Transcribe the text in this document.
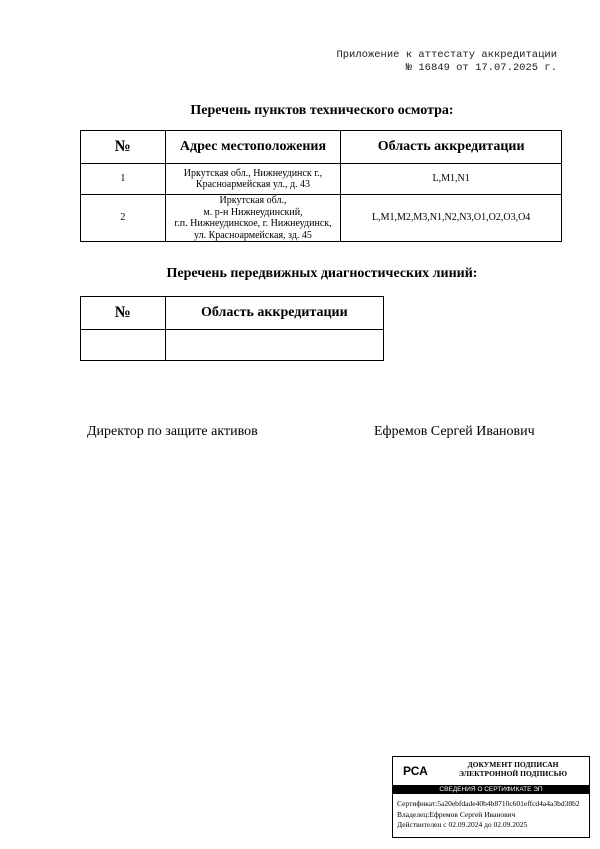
Приложение к аттестату аккредитации
№ 16849 от 17.07.2025 г.
Перечень пунктов технического осмотра:
№	Адрес местоположения	Область аккредитации
1	Иркутская обл., Нижнеудинск г.,
Красноармейская ул., д. 43	L,M1,N1
2	Иркутская обл.,
м. р-н Нижнеудинский,
г.п. Нижнеудинское, г. Нижнеудинск,
ул. Красноармейская, зд. 45	L,M1,M2,M3,N1,N2,N3,O1,O2,O3,O4
Перечень передвижных диагностических линий:
№	Область аккредитации

Директор по защите активов	Ефремов Сергей Иванович
РСА	ДОКУМЕНТ ПОДПИСАН
ЭЛЕКТРОННОЙ ПОДПИСЬЮ
СВЕДЕНИЯ О СЕРТИФИКАТЕ ЭП
Сертификат:5a20ebfdade40b4b8710c601effcd4a4a3bd38b2
Владелец:Ефремов Сергей Иванович
Действителен с 02.09.2024 до 02.09.2025
